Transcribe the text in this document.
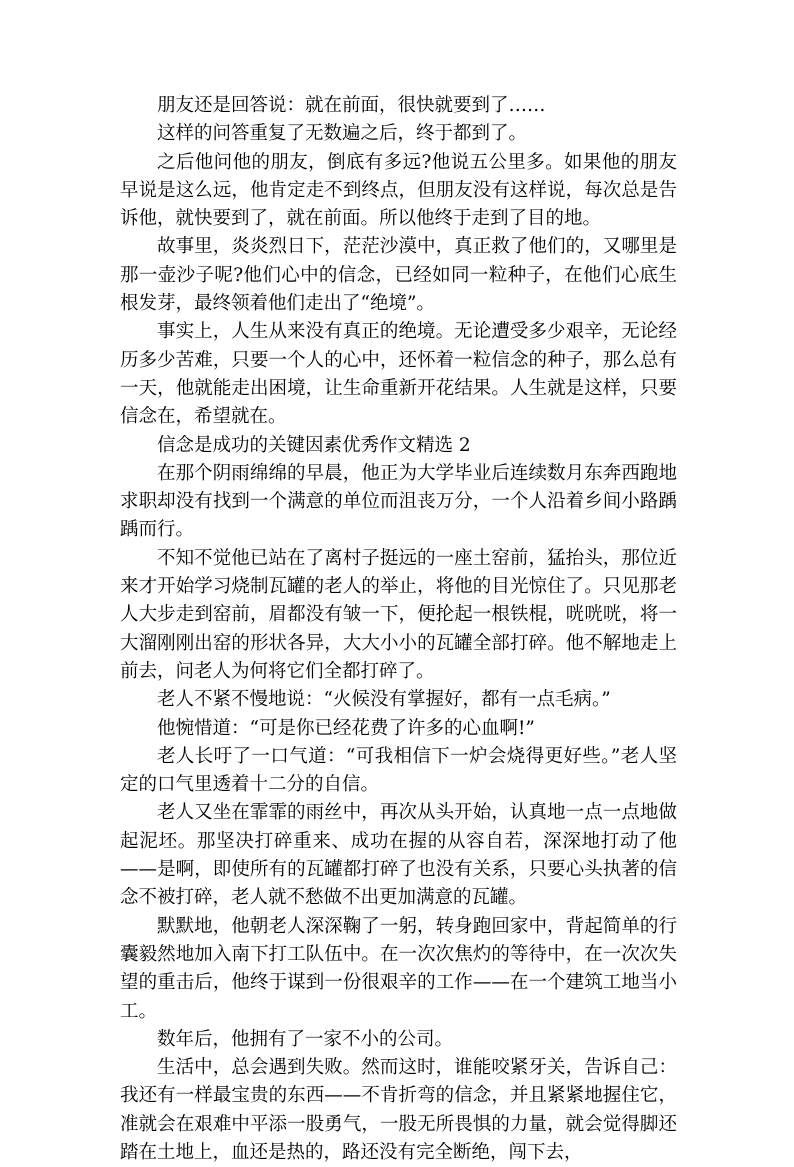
朋友还是回答说：就在前面，很快就要到了……

这样的问答重复了无数遍之后，终于都到了。

之后他问他的朋友，倒底有多远?他说五公里多。如果他的朋友早说是这么远，他肯定走不到终点，但朋友没有这样说，每次总是告诉他，就快要到了，就在前面。所以他终于走到了目的地。

故事里，炎炎烈日下，茫茫沙漠中，真正救了他们的，又哪里是那一壶沙子呢?他们心中的信念，已经如同一粒种子，在他们心底生根发芽，最终领着他们走出了“绝境”。

事实上，人生从来没有真正的绝境。无论遭受多少艰辛，无论经历多少苦难，只要一个人的心中，还怀着一粒信念的种子，那么总有一天，他就能走出困境，让生命重新开花结果。人生就是这样，只要信念在，希望就在。

信念是成功的关键因素优秀作文精选 2

在那个阴雨绵绵的早晨，他正为大学毕业后连续数月东奔西跑地求职却没有找到一个满意的单位而沮丧万分，一个人沿着乡间小路踽踽而行。

不知不觉他已站在了离村子挺远的一座土窑前，猛抬头，那位近来才开始学习烧制瓦罐的老人的举止，将他的目光惊住了。只见那老人大步走到窑前，眉都没有皱一下，便抡起一根铁棍，咣咣咣，将一大溜刚刚出窑的形状各异，大大小小的瓦罐全部打碎。他不解地走上前去，问老人为何将它们全都打碎了。

老人不紧不慢地说：“火候没有掌握好，都有一点毛病。”

他惋惜道：“可是你已经花费了许多的心血啊!”

老人长吁了一口气道：“可我相信下一炉会烧得更好些。”老人坚定的口气里透着十二分的自信。

老人又坐在霏霏的雨丝中，再次从头开始，认真地一点一点地做起泥坯。那坚决打碎重来、成功在握的从容自若，深深地打动了他——是啊，即使所有的瓦罐都打碎了也没有关系，只要心头执著的信念不被打碎，老人就不愁做不出更加满意的瓦罐。

默默地，他朝老人深深鞠了一躬，转身跑回家中，背起简单的行囊毅然地加入南下打工队伍中。在一次次焦灼的等待中，在一次次失望的重击后，他终于谋到一份很艰辛的工作——在一个建筑工地当小工。

数年后，他拥有了一家不小的公司。

生活中，总会遇到失败。然而这时，谁能咬紧牙关，告诉自己：我还有一样最宝贵的东西——不肯折弯的信念，并且紧紧地握住它，准就会在艰难中平添一股勇气，一股无所畏惧的力量，就会觉得脚还踏在土地上，血还是热的，路还没有完全断绝，闯下去，
